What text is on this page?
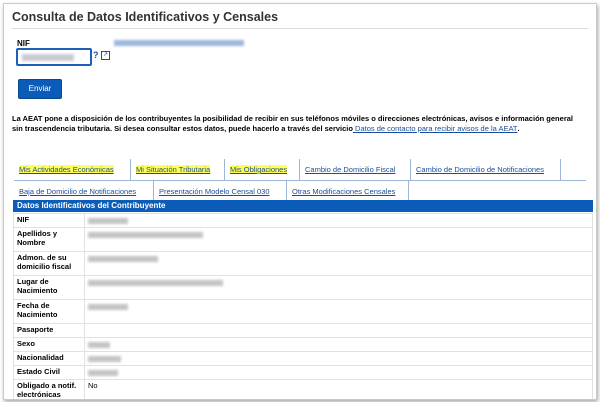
Consulta de Datos Identificativos y Censales
NIF
? ↗
Enviar
La AEAT pone a disposición de los contribuyentes la posibilidad de recibir en sus teléfonos móviles o direcciones electrónicas, avisos e información general sin trascendencia tributaria. Si desea consultar estos datos, puede hacerlo a través del servicio Datos de contacto para recibir avisos de la AEAT.
Mis Actividades Económicas	Mi Situación Tributaria	Mis Obligaciones	Cambio de Domicilio Fiscal	Cambio de Domicilio de Notificaciones
Baja de Domicilio de Notificaciones	Presentación Modelo Censal 030	Otras Modificaciones Censales
Datos Identificativos del Contribuyente
NIF	
Apellidos y Nombre	
Admon. de su domicilio fiscal	
Lugar de Nacimiento	
Fecha de Nacimiento	
Pasaporte	
Sexo	
Nacionalidad	
Estado Civil	
Obligado a notif. electrónicas	No
